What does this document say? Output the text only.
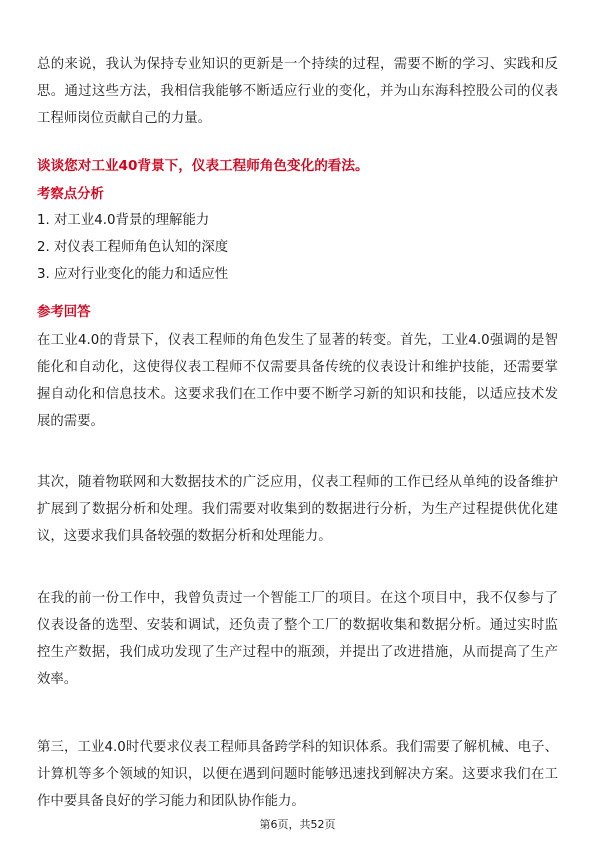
总的来说，我认为保持专业知识的更新是一个持续的过程，需要不断的学习、实践和反思。通过这些方法，我相信我能够不断适应行业的变化，并为山东海科控股公司的仪表工程师岗位贡献自己的力量。

谈谈您对工业40背景下，仪表工程师角色变化的看法。

考察点分析

1. 对工业4.0背景的理解能力
2. 对仪表工程师角色认知的深度
3. 应对行业变化的能力和适应性

参考回答

在工业4.0的背景下，仪表工程师的角色发生了显著的转变。首先，工业4.0强调的是智能化和自动化，这使得仪表工程师不仅需要具备传统的仪表设计和维护技能，还需要掌握自动化和信息技术。这要求我们在工作中要不断学习新的知识和技能，以适应技术发展的需要。

其次，随着物联网和大数据技术的广泛应用，仪表工程师的工作已经从单纯的设备维护扩展到了数据分析和处理。我们需要对收集到的数据进行分析，为生产过程提供优化建议，这要求我们具备较强的数据分析和处理能力。

在我的前一份工作中，我曾负责过一个智能工厂的项目。在这个项目中，我不仅参与了仪表设备的选型、安装和调试，还负责了整个工厂的数据收集和数据分析。通过实时监控生产数据，我们成功发现了生产过程中的瓶颈，并提出了改进措施，从而提高了生产效率。

第三，工业4.0时代要求仪表工程师具备跨学科的知识体系。我们需要了解机械、电子、计算机等多个领域的知识，以便在遇到问题时能够迅速找到解决方案。这要求我们在工作中要具备良好的学习能力和团队协作能力。

第6页，共52页
